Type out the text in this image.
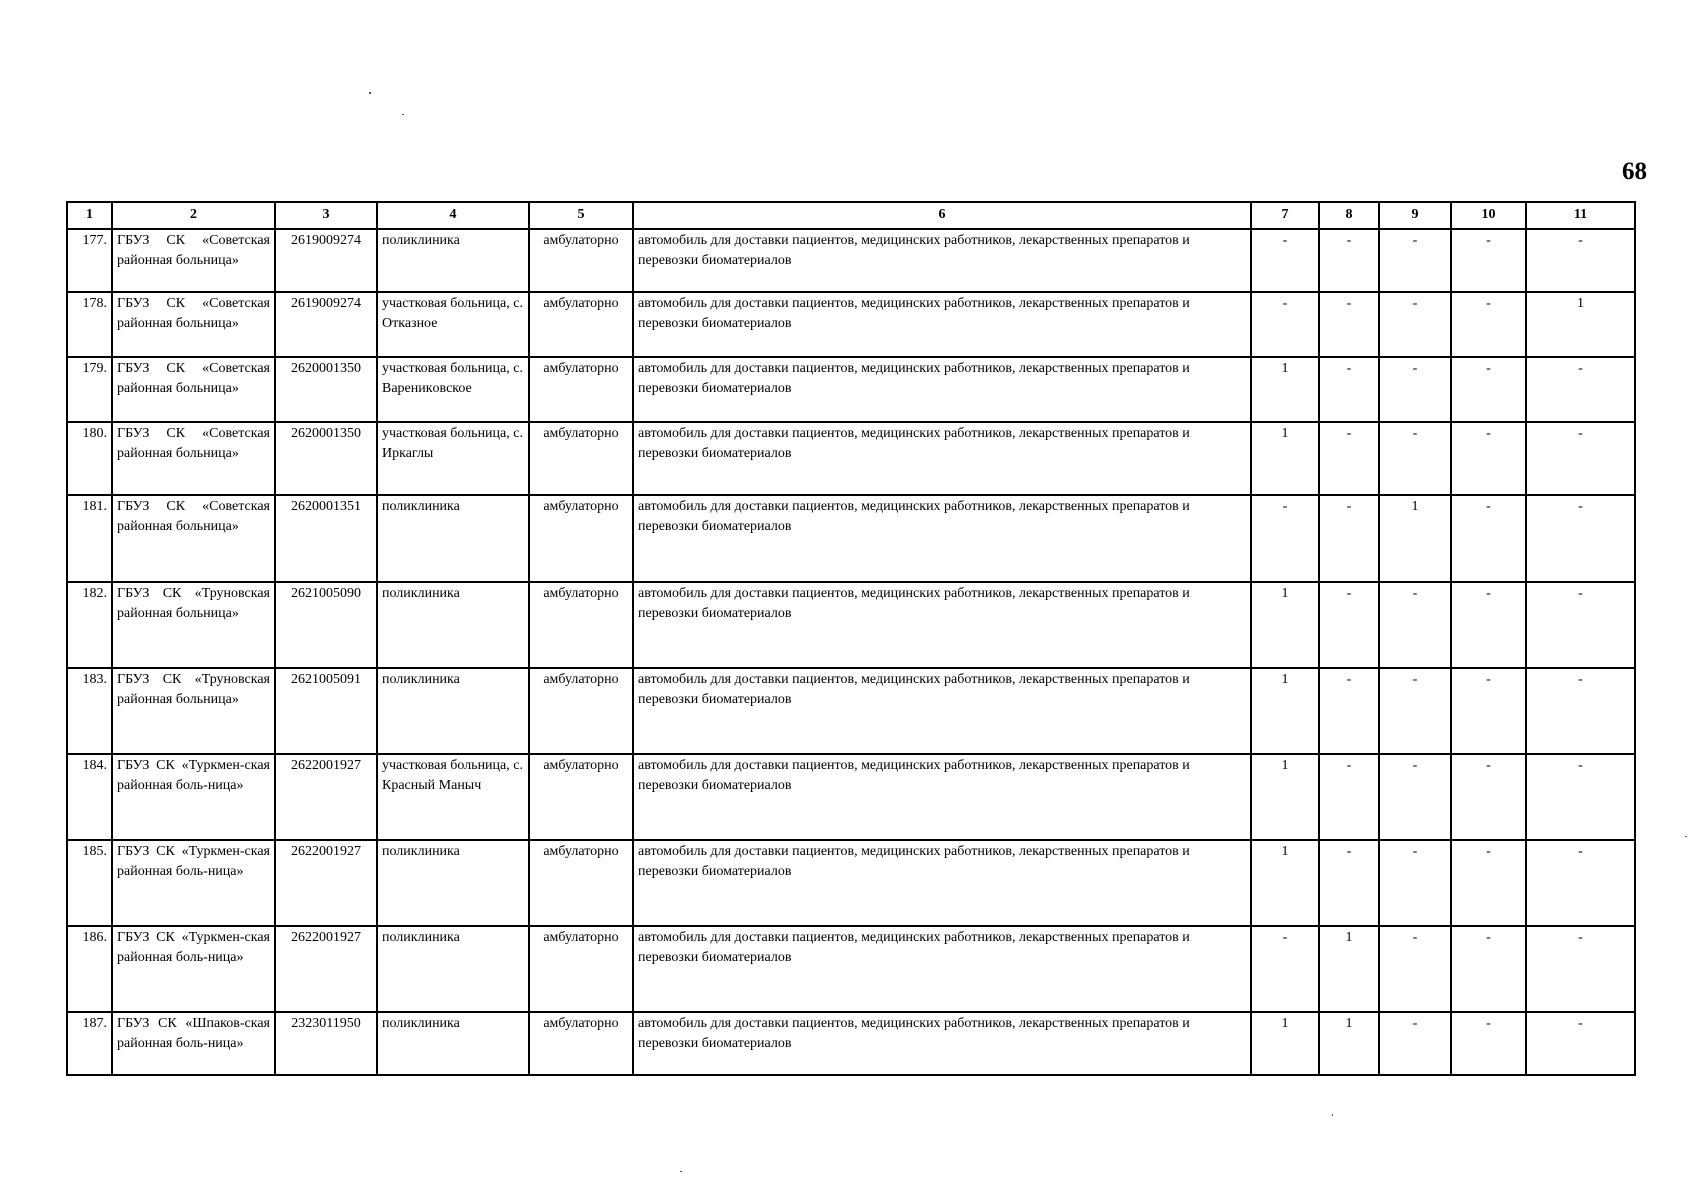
68
1	2	3	4	5	6	7	8	9	10	11
177.	ГБУЗ СК «Советская районная больница»	2619009274	поликлиника	амбулаторно	автомобиль для доставки пациентов, медицинских работников, лекарственных препаратов и перевозки биоматериалов	-	-	-	-	-
178.	ГБУЗ СК «Советская районная больница»	2619009274	участковая больница, с. Отказное	амбулаторно	автомобиль для доставки пациентов, медицинских работников, лекарственных препаратов и перевозки биоматериалов	-	-	-	-	1
179.	ГБУЗ СК «Советская районная больница»	2620001350	участковая больница, с. Вареникoвское	амбулаторно	автомобиль для доставки пациентов, медицинских работников, лекарственных препаратов и перевозки биоматериалов	1	-	-	-	-
180.	ГБУЗ СК «Советская районная больница»	2620001350	участковая больница, с. Иркаглы	амбулаторно	автомобиль для доставки пациентов, медицинских работников, лекарственных препаратов и перевозки биоматериалов	1	-	-	-	-
181.	ГБУЗ СК «Советская районная больница»	2620001351	поликлиника	амбулаторно	автомобиль для доставки пациентов, медицинских работников, лекарственных препаратов и перевозки биоматериалов	-	-	1	-	-
182.	ГБУЗ СК «Труновская районная больница»	2621005090	поликлиника	амбулаторно	автомобиль для доставки пациентов, медицинских работников, лекарственных препаратов и перевозки биоматериалов	1	-	-	-	-
183.	ГБУЗ СК «Труновская районная больница»	2621005091	поликлиника	амбулаторно	автомобиль для доставки пациентов, медицинских работников, лекарственных препаратов и перевозки биоматериалов	1	-	-	-	-
184.	ГБУЗ СК «Туркмен-ская районная боль-ница»	2622001927	участковая больница, с. Красный Маныч	амбулаторно	автомобиль для доставки пациентов, медицинских работников, лекарственных препаратов и перевозки биоматериалов	1	-	-	-	-
185.	ГБУЗ СК «Туркмен-ская районная боль-ница»	2622001927	поликлиника	амбулаторно	автомобиль для доставки пациентов, медицинских работников, лекарственных препаратов и перевозки биоматериалов	1	-	-	-	-
186.	ГБУЗ СК «Туркмен-ская районная боль-ница»	2622001927	поликлиника	амбулаторно	автомобиль для доставки пациентов, медицинских работников, лекарственных препаратов и перевозки биоматериалов	-	1	-	-	-
187.	ГБУЗ СК «Шпаков-ская районная боль-ница»	2323011950	поликлиника	амбулаторно	автомобиль для доставки пациентов, медицинских работников, лекарственных препаратов и перевозки биоматериалов	1	1	-	-	-
